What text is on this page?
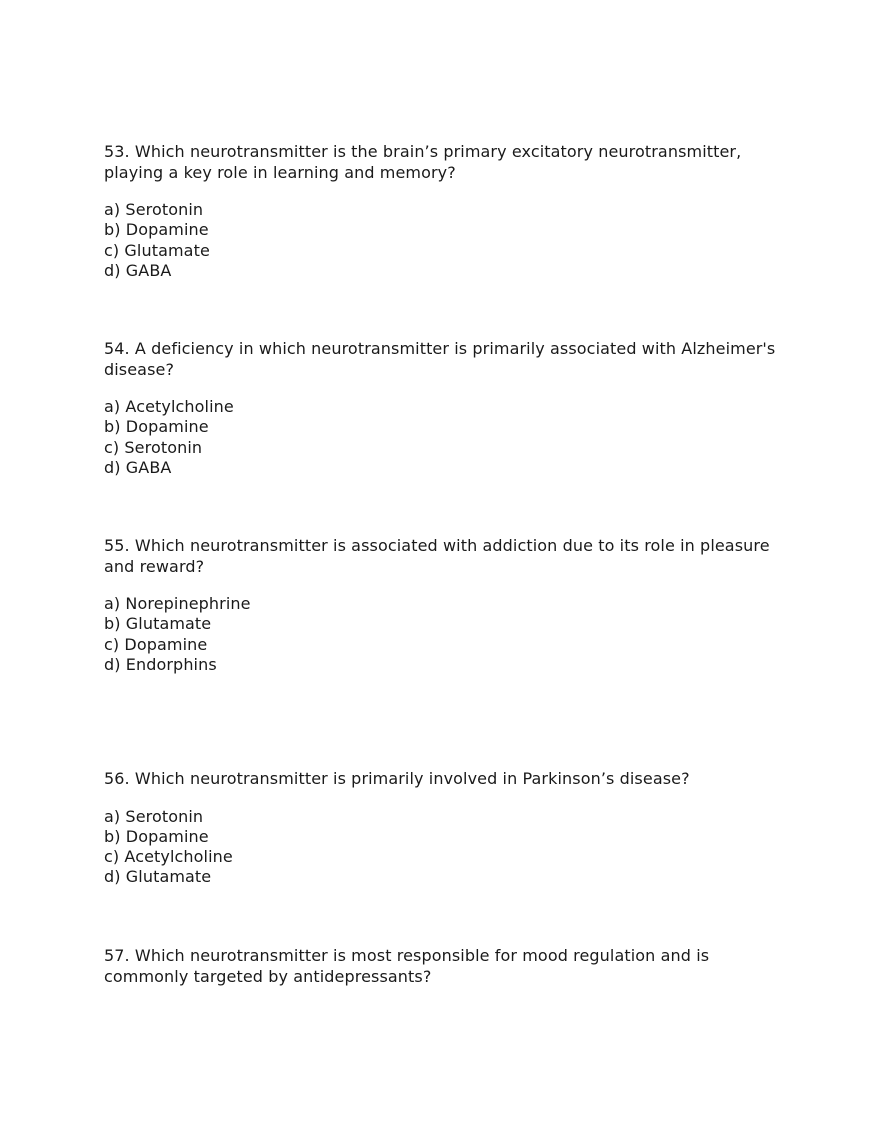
53. Which neurotransmitter is the brain’s primary excitatory neurotransmitter, playing a key role in learning and memory?

a) Serotonin
b) Dopamine
c) Glutamate
d) GABA

54. A deficiency in which neurotransmitter is primarily associated with Alzheimer's disease?

a) Acetylcholine
b) Dopamine
c) Serotonin
d) GABA

55. Which neurotransmitter is associated with addiction due to its role in pleasure and reward?

a) Norepinephrine
b) Glutamate
c) Dopamine
d) Endorphins

56. Which neurotransmitter is primarily involved in Parkinson’s disease?

a) Serotonin
b) Dopamine
c) Acetylcholine
d) Glutamate

57. Which neurotransmitter is most responsible for mood regulation and is commonly targeted by antidepressants?
